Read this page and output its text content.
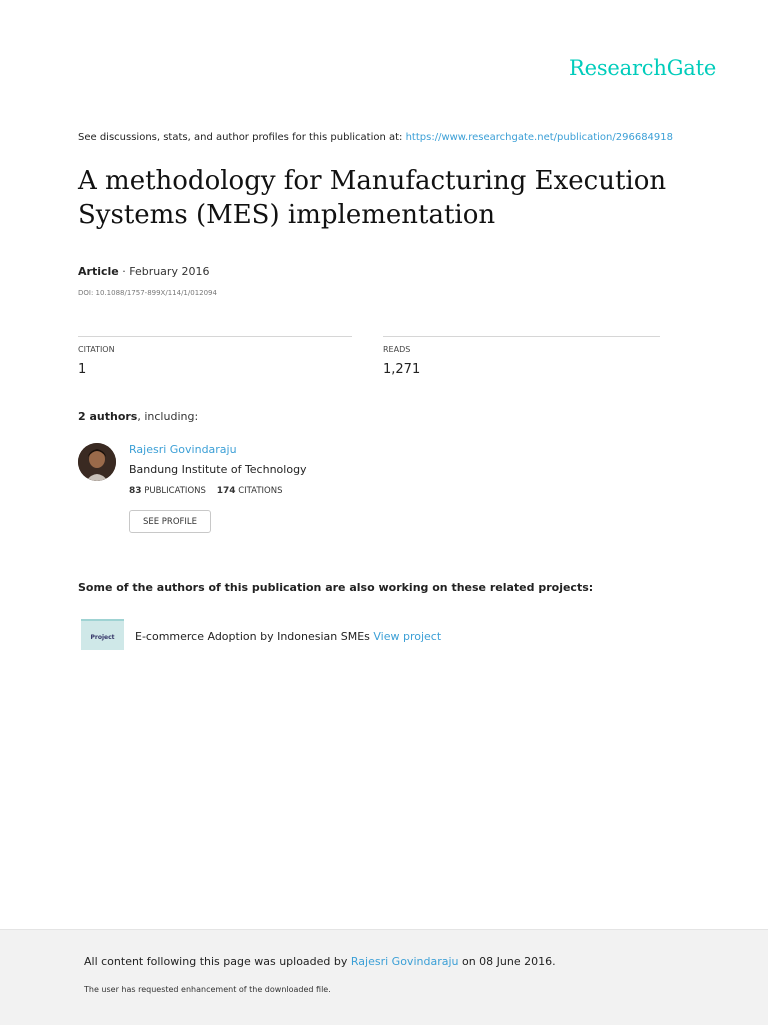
ResearchGate
See discussions, stats, and author profiles for this publication at: https://www.researchgate.net/publication/296684918
A methodology for Manufacturing Execution Systems (MES) implementation
Article · February 2016
DOI: 10.1088/1757-899X/114/1/012094
CITATION
1
READS
1,271
2 authors, including:
Rajesri Govindaraju
Bandung Institute of Technology
83 PUBLICATIONS 174 CITATIONS
SEE PROFILE
Some of the authors of this publication are also working on these related projects:
Project	E-commerce Adoption by Indonesian SMEs View project
All content following this page was uploaded by Rajesri Govindaraju on 08 June 2016.
The user has requested enhancement of the downloaded file.
